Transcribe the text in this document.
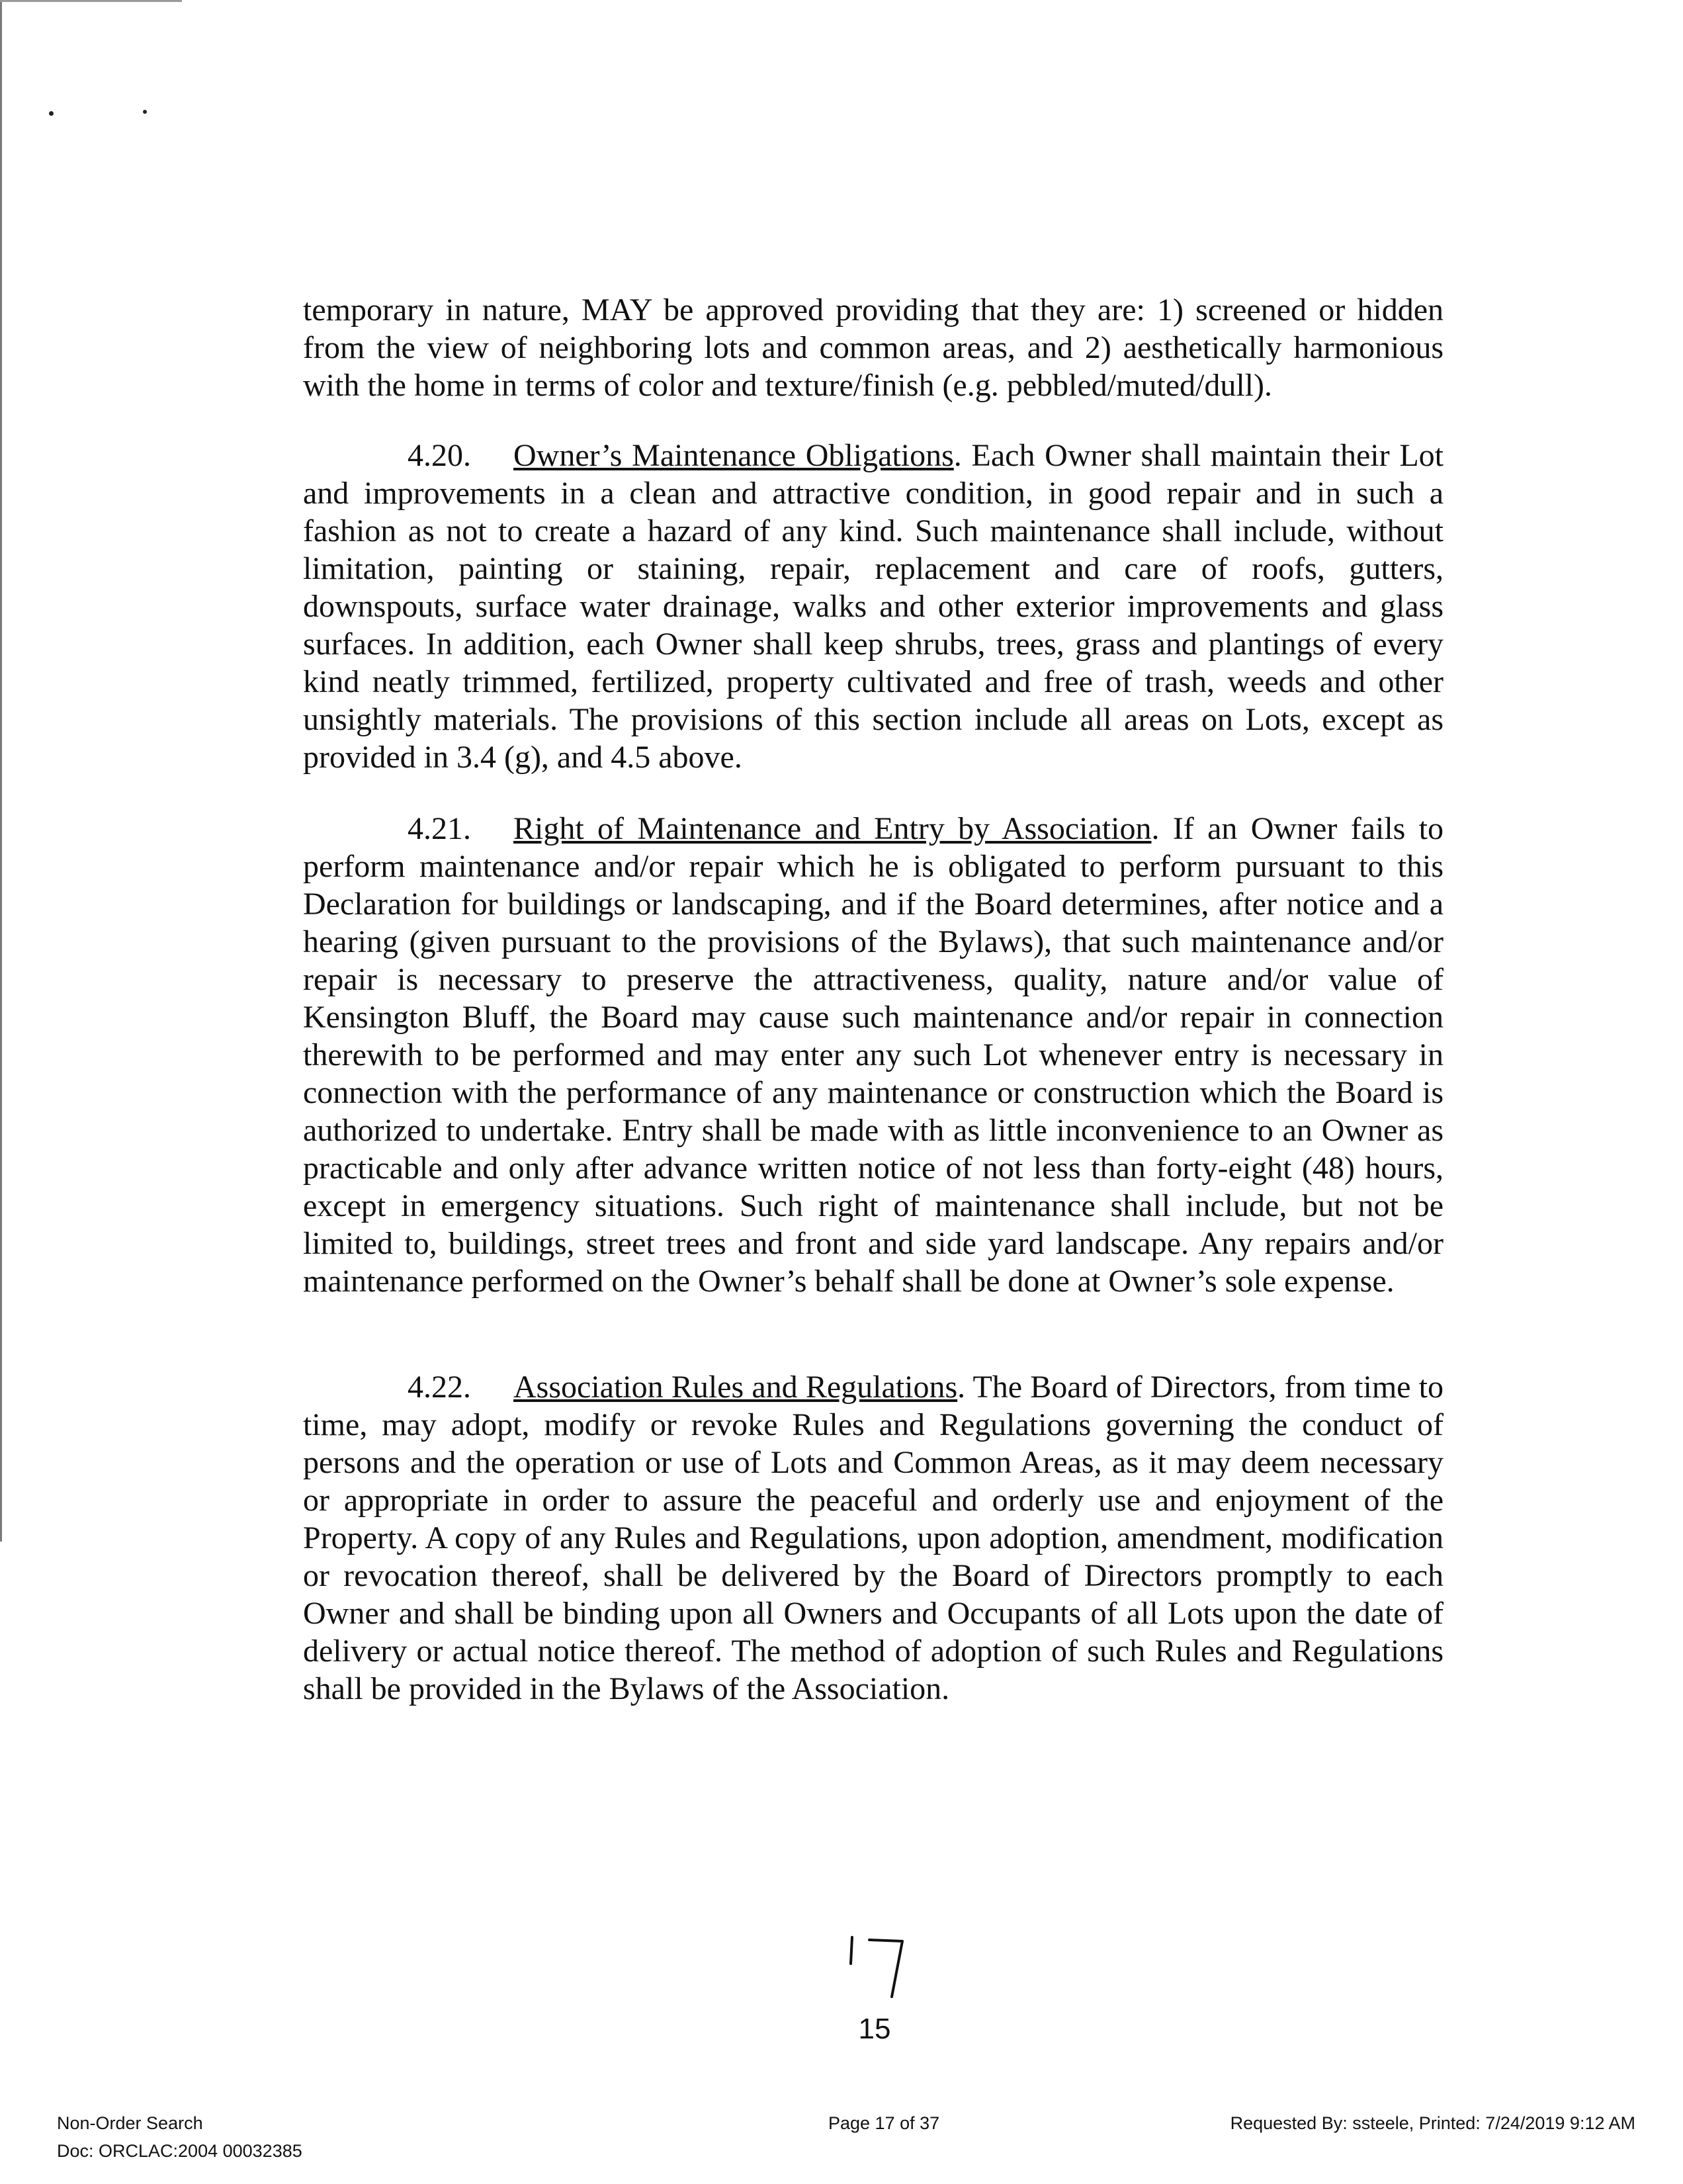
temporary in nature, MAY be approved providing that they are: 1) screened or hidden from the view of neighboring lots and common areas, and 2) aesthetically harmonious with the home in terms of color and texture/finish (e.g. pebbled/muted/dull).

4.20. Owner’s Maintenance Obligations. Each Owner shall maintain their Lot and improvements in a clean and attractive condition, in good repair and in such a fashion as not to create a hazard of any kind. Such maintenance shall include, without limitation, painting or staining, repair, replacement and care of roofs, gutters, downspouts, surface water drainage, walks and other exterior improvements and glass surfaces. In addition, each Owner shall keep shrubs, trees, grass and plantings of every kind neatly trimmed, fertilized, property cultivated and free of trash, weeds and other unsightly materials. The provisions of this section include all areas on Lots, except as provided in 3.4 (g), and 4.5 above.

4.21. Right of Maintenance and Entry by Association. If an Owner fails to perform maintenance and/or repair which he is obligated to perform pursuant to this Declaration for buildings or landscaping, and if the Board determines, after notice and a hearing (given pursuant to the provisions of the Bylaws), that such maintenance and/or repair is necessary to preserve the attractiveness, quality, nature and/or value of Kensington Bluff, the Board may cause such maintenance and/or repair in connection therewith to be performed and may enter any such Lot whenever entry is necessary in connection with the performance of any maintenance or construction which the Board is authorized to undertake. Entry shall be made with as little inconvenience to an Owner as practicable and only after advance written notice of not less than forty-eight (48) hours, except in emergency situations. Such right of maintenance shall include, but not be limited to, buildings, street trees and front and side yard landscape. Any repairs and/or maintenance performed on the Owner’s behalf shall be done at Owner’s sole expense.

4.22. Association Rules and Regulations. The Board of Directors, from time to time, may adopt, modify or revoke Rules and Regulations governing the conduct of persons and the operation or use of Lots and Common Areas, as it may deem necessary or appropriate in order to assure the peaceful and orderly use and enjoyment of the Property. A copy of any Rules and Regulations, upon adoption, amendment, modification or revocation thereof, shall be delivered by the Board of Directors promptly to each Owner and shall be binding upon all Owners and Occupants of all Lots upon the date of delivery or actual notice thereof. The method of adoption of such Rules and Regulations shall be provided in the Bylaws of the Association.

15
Non-Order Search
Doc: ORCLAC:2004 00032385
Page 17 of 37	Requested By: ssteele, Printed: 7/24/2019 9:12 AM
